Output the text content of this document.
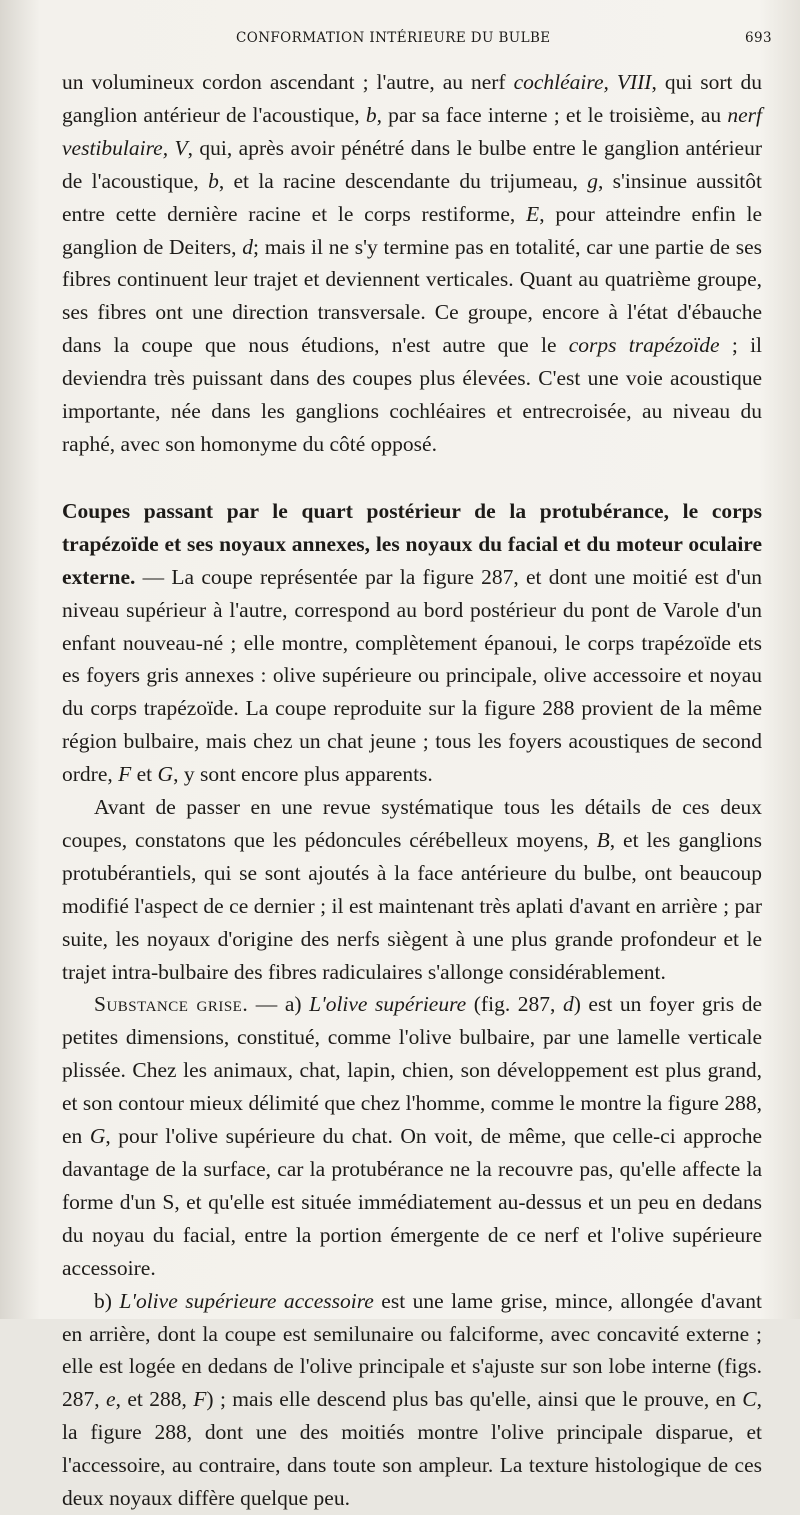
CONFORMATION INTÉRIEURE DU BULBE	693

un volumineux cordon ascendant ; l'autre, au nerf cochléaire, VIII, qui sort du ganglion antérieur de l'acoustique, b, par sa face interne ; et le troisième, au nerf vestibulaire, V, qui, après avoir pénétré dans le bulbe entre le ganglion antérieur de l'acoustique, b, et la racine descendante du trijumeau, g, s'insinue aussitôt entre cette dernière racine et le corps restiforme, E, pour atteindre enfin le ganglion de Deiters, d; mais il ne s'y termine pas en totalité, car une partie de ses fibres continuent leur trajet et deviennent verticales. Quant au quatrième groupe, ses fibres ont une direction transversale. Ce groupe, encore à l'état d'ébauche dans la coupe que nous étudions, n'est autre que le corps trapézoïde ; il deviendra très puissant dans des coupes plus élevées. C'est une voie acoustique importante, née dans les ganglions cochléaires et entrecroisée, au niveau du raphé, avec son homonyme du côté opposé.

Coupes passant par le quart postérieur de la protubérance, le corps trapézoïde et ses noyaux annexes, les noyaux du facial et du moteur oculaire externe. — La coupe représentée par la figure 287, et dont une moitié est d'un niveau supérieur à l'autre, correspond au bord postérieur du pont de Varole d'un enfant nouveau-né ; elle montre, complètement épanoui, le corps trapézoïde ets es foyers gris annexes : olive supérieure ou principale, olive accessoire et noyau du corps trapézoïde. La coupe reproduite sur la figure 288 provient de la même région bulbaire, mais chez un chat jeune ; tous les foyers acoustiques de second ordre, F et G, y sont encore plus apparents.

Avant de passer en une revue systématique tous les détails de ces deux coupes, constatons que les pédoncules cérébelleux moyens, B, et les ganglions protubérantiels, qui se sont ajoutés à la face antérieure du bulbe, ont beaucoup modifié l'aspect de ce dernier ; il est maintenant très aplati d'avant en arrière ; par suite, les noyaux d'origine des nerfs siègent à une plus grande profondeur et le trajet intra-bulbaire des fibres radiculaires s'allonge considérablement.

Substance grise. — a) L'olive supérieure (fig. 287, d) est un foyer gris de petites dimensions, constitué, comme l'olive bulbaire, par une lamelle verticale plissée. Chez les animaux, chat, lapin, chien, son développement est plus grand, et son contour mieux délimité que chez l'homme, comme le montre la figure 288, en G, pour l'olive supérieure du chat. On voit, de même, que celle-ci approche davantage de la surface, car la protubérance ne la recouvre pas, qu'elle affecte la forme d'un S, et qu'elle est située immédiatement au-dessus et un peu en dedans du noyau du facial, entre la portion émergente de ce nerf et l'olive supérieure accessoire.

b) L'olive supérieure accessoire est une lame grise, mince, allongée d'avant en arrière, dont la coupe est semilunaire ou falciforme, avec concavité externe ; elle est logée en dedans de l'olive principale et s'ajuste sur son lobe interne (figs. 287, e, et 288, F) ; mais elle descend plus bas qu'elle, ainsi que le prouve, en C, la figure 288, dont une des moitiés montre l'olive principale disparue, et l'accessoire, au contraire, dans toute son ampleur. La texture histologique de ces deux noyaux diffère quelque peu.
